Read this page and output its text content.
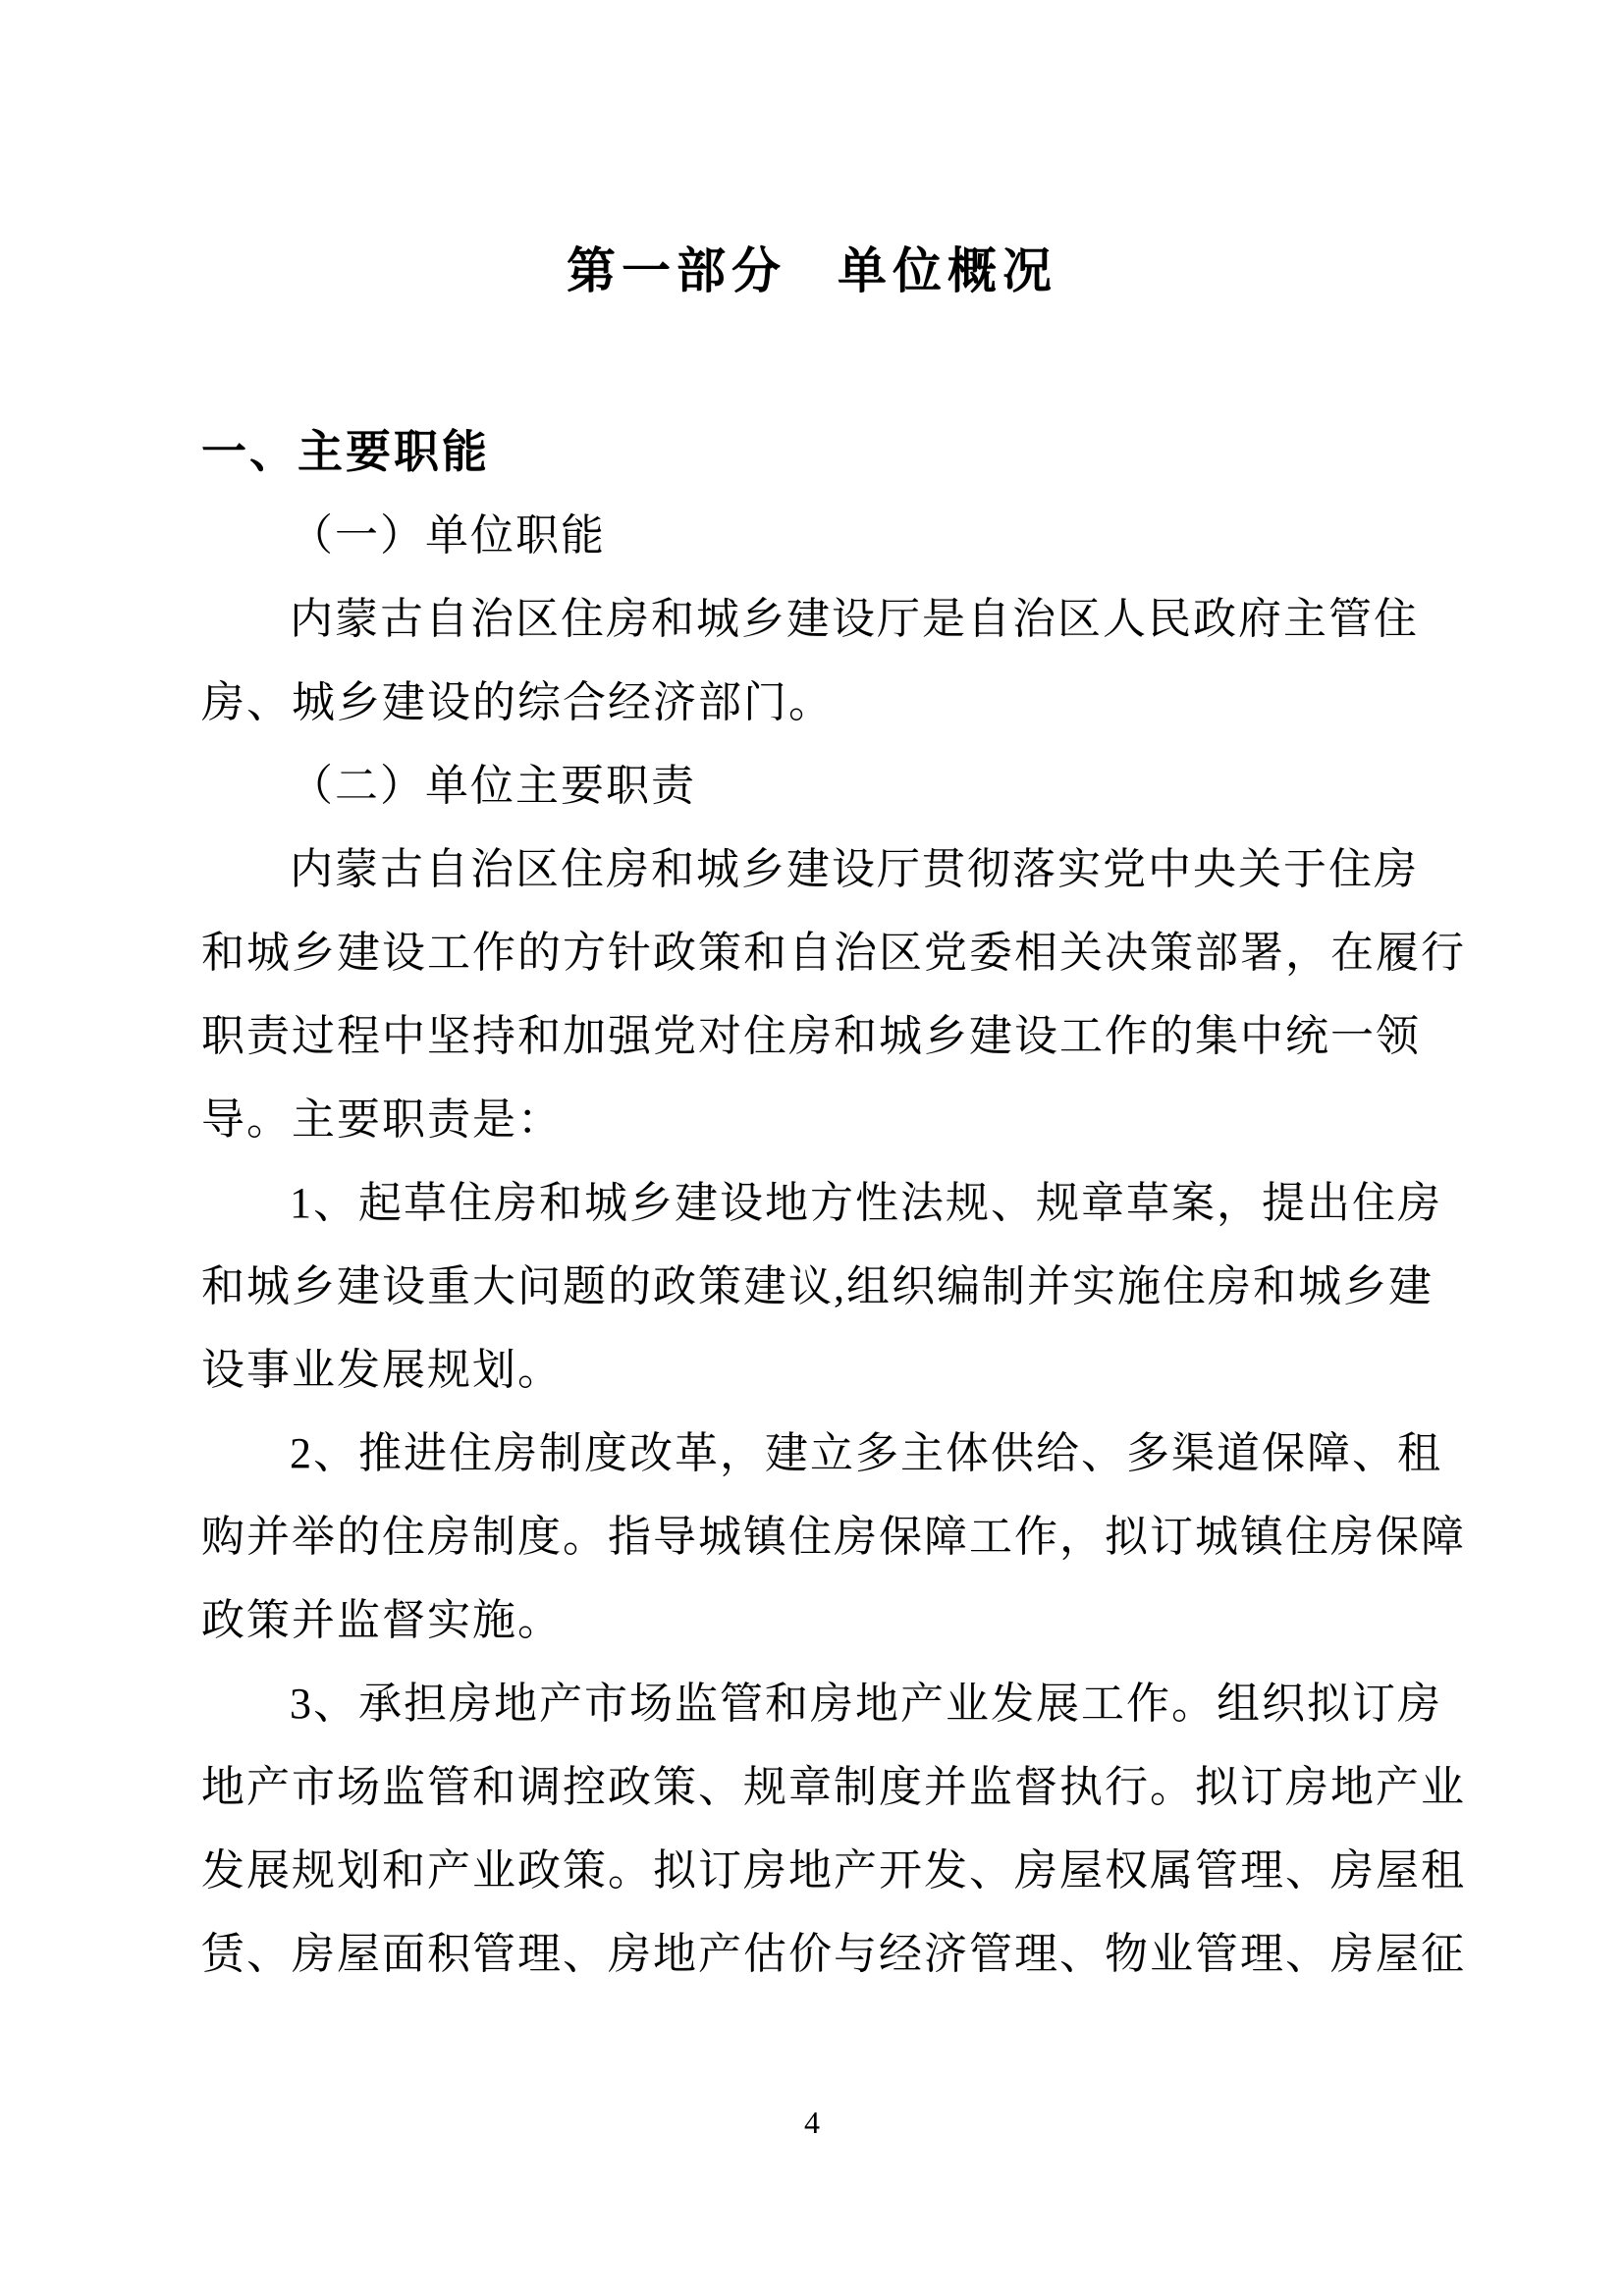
第一部分 单位概况
一、主要职能
（一）单位职能
内蒙古自治区住房和城乡建设厅是自治区人民政府主管住
房、城乡建设的综合经济部门。
（二）单位主要职责
内蒙古自治区住房和城乡建设厅贯彻落实党中央关于住房
和城乡建设工作的方针政策和自治区党委相关决策部署，在履行
职责过程中坚持和加强党对住房和城乡建设工作的集中统一领
导。主要职责是：
1、起草住房和城乡建设地方性法规、规章草案，提出住房
和城乡建设重大问题的政策建议,组织编制并实施住房和城乡建
设事业发展规划。
2、推进住房制度改革，建立多主体供给、多渠道保障、租
购并举的住房制度。指导城镇住房保障工作，拟订城镇住房保障
政策并监督实施。
3、承担房地产市场监管和房地产业发展工作。组织拟订房
地产市场监管和调控政策、规章制度并监督执行。拟订房地产业
发展规划和产业政策。拟订房地产开发、房屋权属管理、房屋租
赁、房屋面积管理、房地产估价与经济管理、物业管理、房屋征
4
